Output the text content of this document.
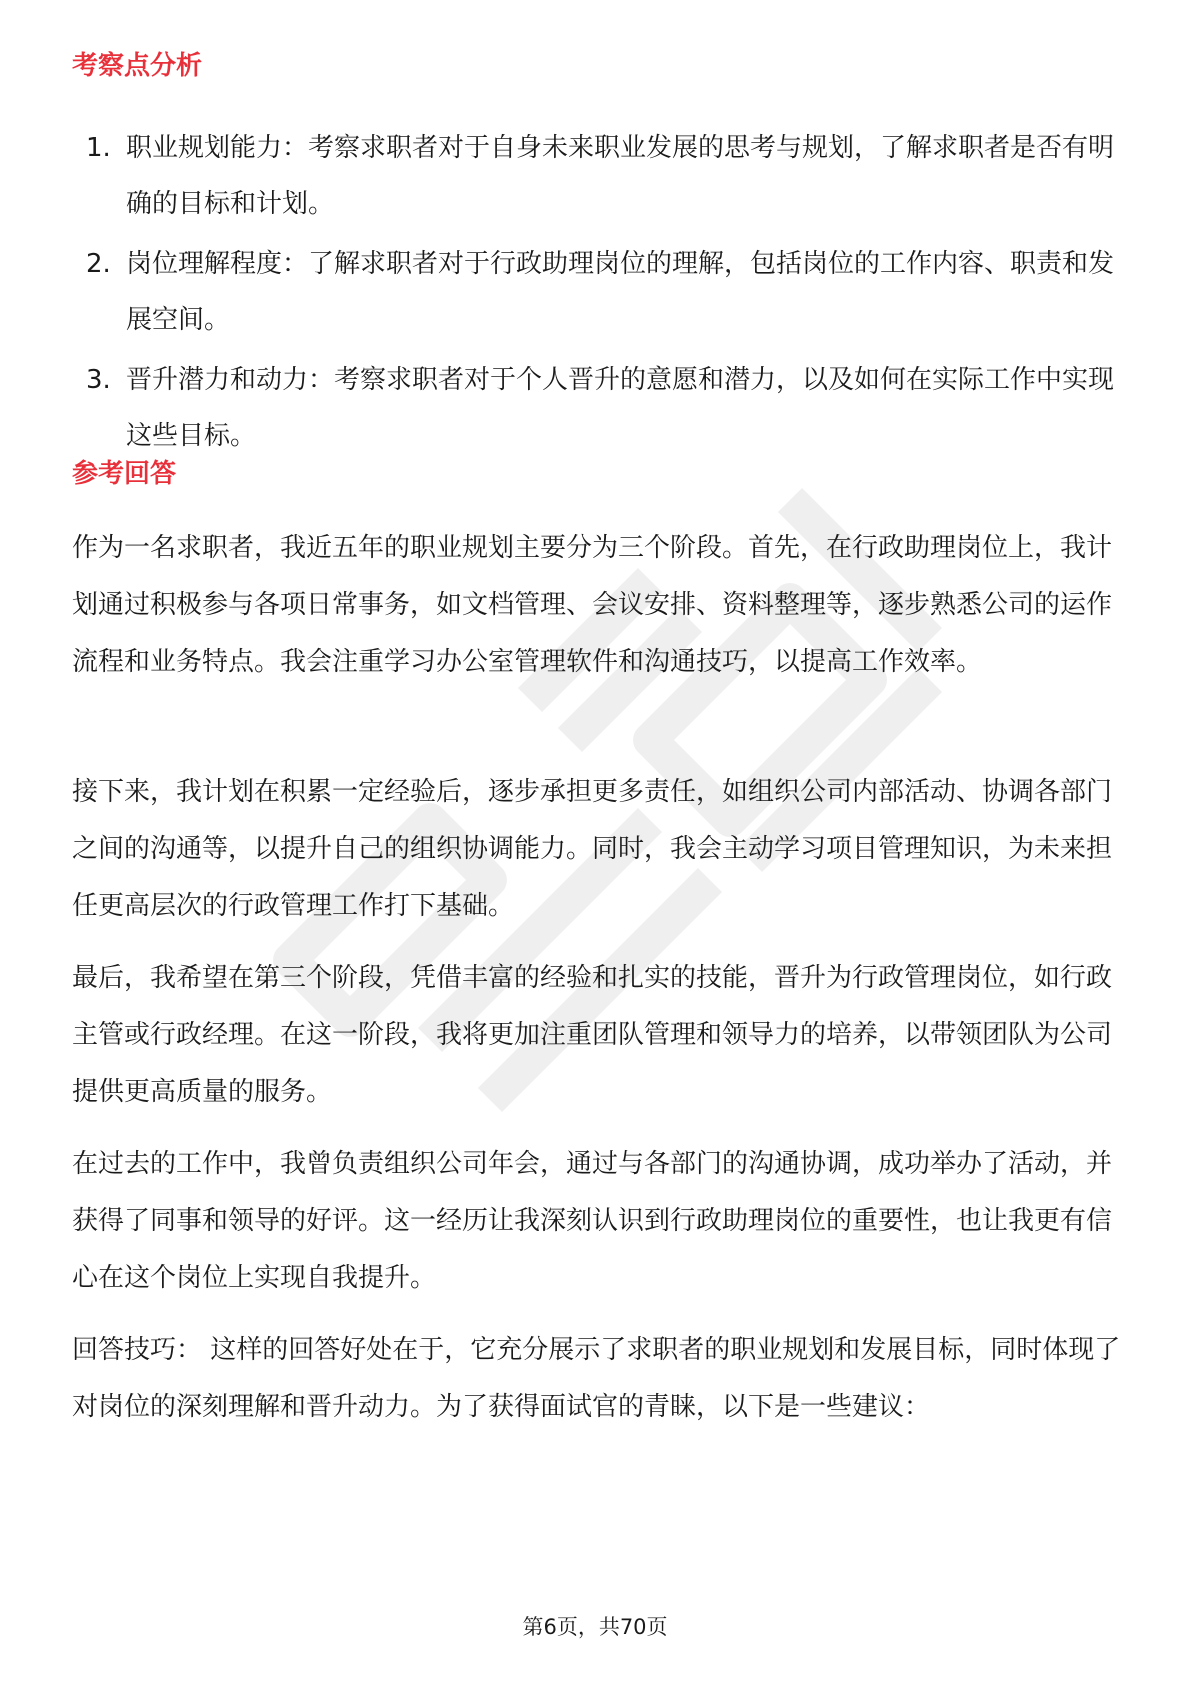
考察点分析
1. 职业规划能力：考察求职者对于自身未来职业发展的思考与规划，了解求职者是否有明确的目标和计划。
2. 岗位理解程度：了解求职者对于行政助理岗位的理解，包括岗位的工作内容、职责和发展空间。
3. 晋升潜力和动力：考察求职者对于个人晋升的意愿和潜力，以及如何在实际工作中实现这些目标。
参考回答

作为一名求职者，我近五年的职业规划主要分为三个阶段。首先，在行政助理岗位上，我计划通过积极参与各项日常事务，如文档管理、会议安排、资料整理等，逐步熟悉公司的运作流程和业务特点。我会注重学习办公室管理软件和沟通技巧，以提高工作效率。

接下来，我计划在积累一定经验后，逐步承担更多责任，如组织公司内部活动、协调各部门之间的沟通等，以提升自己的组织协调能力。同时，我会主动学习项目管理知识，为未来担任更高层次的行政管理工作打下基础。

最后，我希望在第三个阶段，凭借丰富的经验和扎实的技能，晋升为行政管理岗位，如行政主管或行政经理。在这一阶段，我将更加注重团队管理和领导力的培养，以带领团队为公司提供更高质量的服务。

在过去的工作中，我曾负责组织公司年会，通过与各部门的沟通协调，成功举办了活动，并获得了同事和领导的好评。这一经历让我深刻认识到行政助理岗位的重要性，也让我更有信心在这个岗位上实现自我提升。

回答技巧： 这样的回答好处在于，它充分展示了求职者的职业规划和发展目标，同时体现了对岗位的深刻理解和晋升动力。为了获得面试官的青睐，以下是一些建议：

第6页，共70页
